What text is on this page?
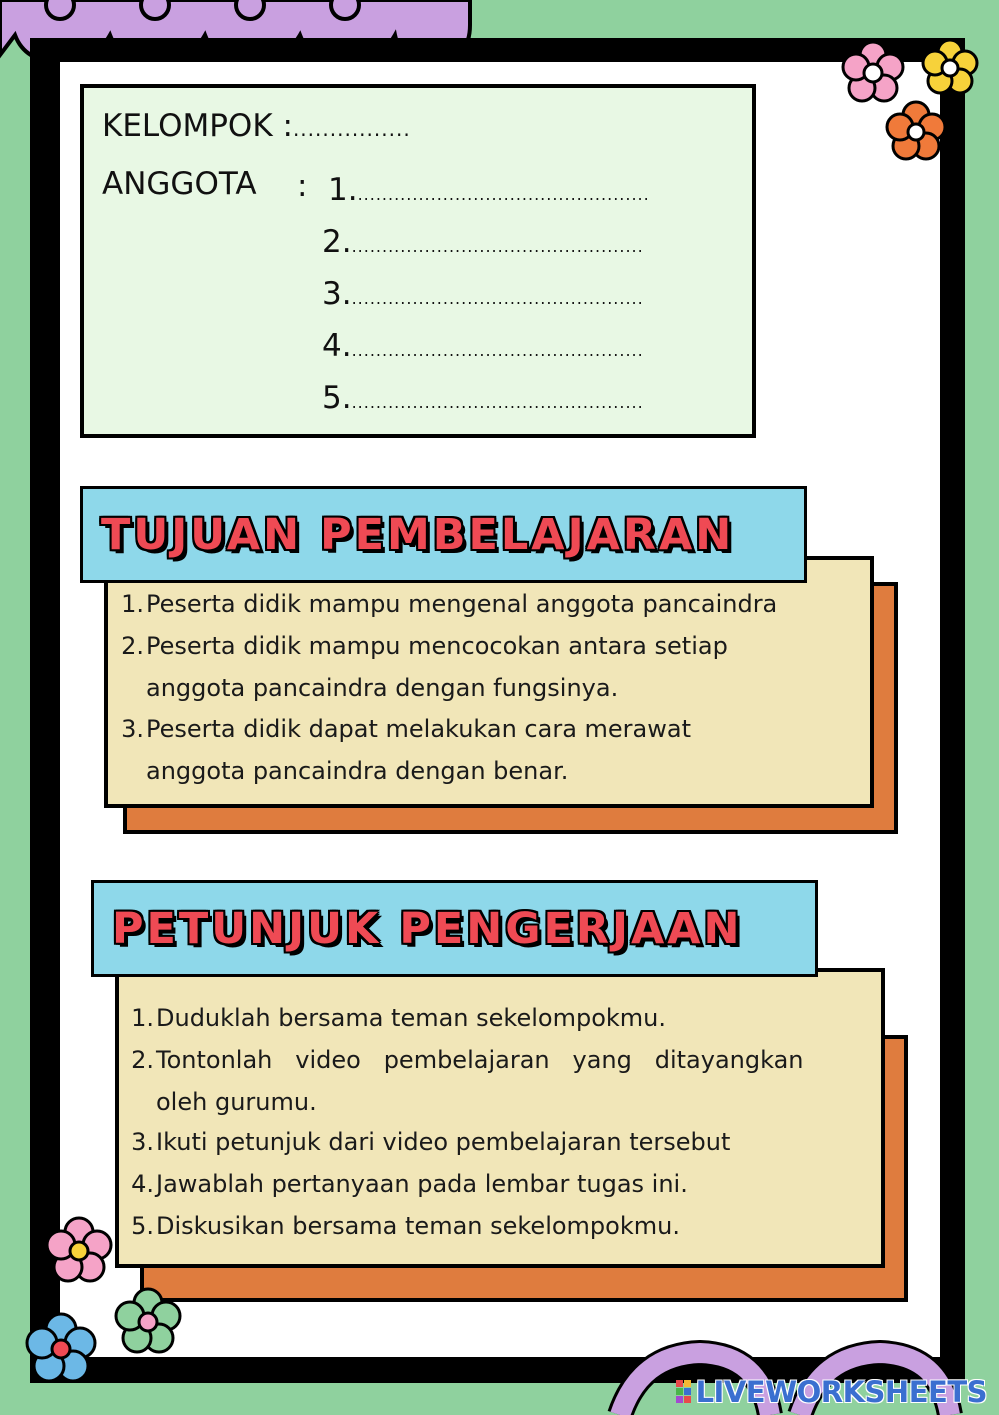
KELOMPOK :................
ANGGOTA : 1.................................................
2.................................................
3.................................................
4.................................................
5.................................................
TUJUAN PEMBELAJARAN
1. Peserta didik mampu mengenal anggota pancaindra
2. Peserta didik mampu mencocokan antara setiap
anggota pancaindra dengan fungsinya.
3. Peserta didik dapat melakukan cara merawat
anggota pancaindra dengan benar.
PETUNJUK PENGERJAAN
1. Duduklah bersama teman sekelompokmu.
2. Tontonlah   video   pembelajaran   yang   ditayangkan
oleh gurumu.
3. Ikuti petunjuk dari video pembelajaran tersebut
4. Jawablah pertanyaan pada lembar tugas ini.
5. Diskusikan bersama teman sekelompokmu.
LIVEWORKSHEETS
